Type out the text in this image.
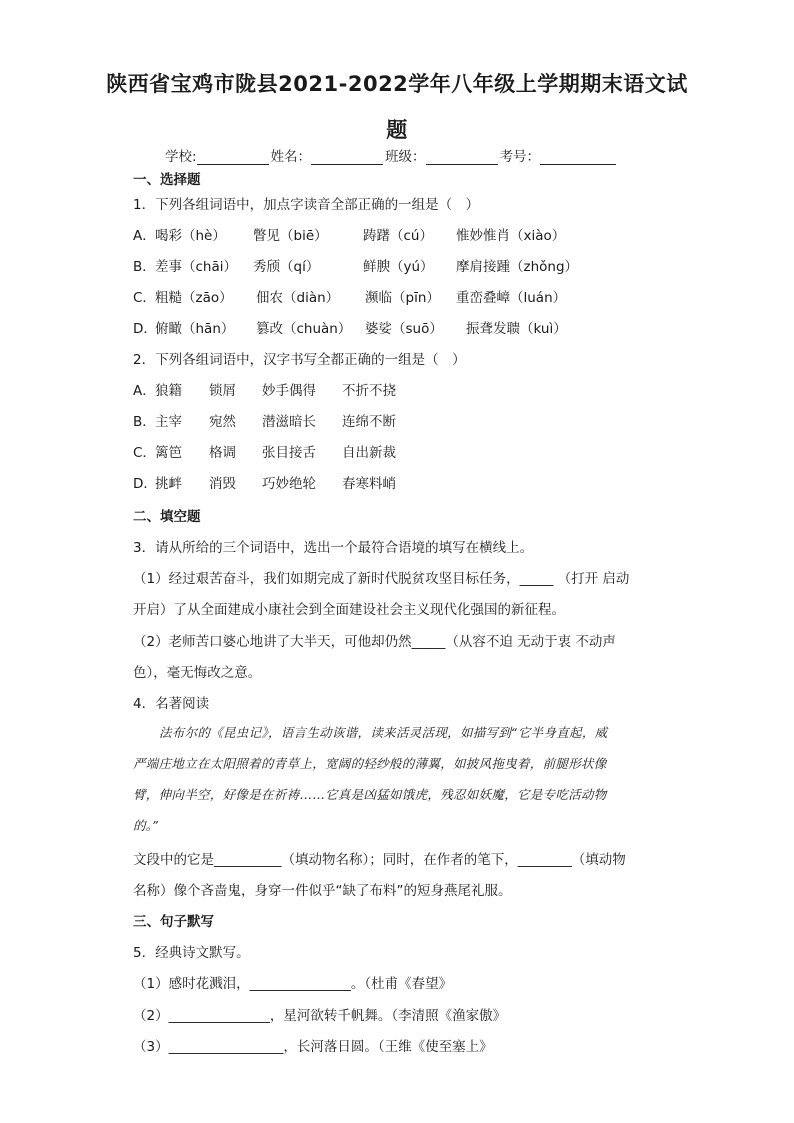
陕西省宝鸡市陇县2021-2022学年八年级上学期期末语文试
题
学校:	姓名：	班级：	考号：
一、选择题
1．下列各组词语中，加点字读音全部正确的一组是（　）
A． 喝彩（hè） 瞥见（biē）	踌躇（cú） 惟妙惟肖（xiào）
B． 差事（chāi） 秀颀（qí）	鲜腴（yú） 摩肩接踵（zhǒng）
C． 粗糙（zāo） 佃农（diàn） 濒临（pīn） 重峦叠嶂（luán）
D．
俯瞰（hān） 篡改（chuàn） 婆娑（suō） 振聋发聩（kuì）
2．下列各组词语中，汉字书写全都正确的一组是（　）
A． 狼籍 锁屑 妙手偶得 不折不挠
B． 主宰 宛然 潜滋暗长 连绵不断
C． 篱笆 格调 张目接舌 自出新裁
D．
挑衅 消毁 巧妙绝轮 春寒料峭
二、填空题
3．请从所给的三个词语中，选出一个最符合语境的填写在横线上。
（1）经过艰苦奋斗，我们如期完成了新时代脱贫攻坚目标任务，_____ （打开 启动
开启）了从全面建成小康社会到全面建设社会主义现代化强国的新征程。
（2）老师苦口婆心地讲了大半天，可他却仍然_____（从容不迫 无动于衷 不动声
色），毫无悔改之意。
4．名著阅读

法布尔的《昆虫记》，语言生动诙谐，读来活灵活现，如描写到“它半身直起，威

严端庄地立在太阳照着的青草上，宽阔的轻纱般的薄翼，如披风拖曳着，前腿形状像
臂，伸向半空，好像是在祈祷……它真是凶猛如饿虎，残忍如妖魔，它是专吃活动物
的。”
文段中的它是__________（填动物名称）；同时，在作者的笔下，________（填动物
名称）像个吝啬鬼，身穿一件似乎“缺了布料”的短身燕尾礼服。
三、句子默写
5．经典诗文默写。
（1）感时花溅泪，_______________。（杜甫《春望》
（2）_______________，星河欲转千帆舞。（李清照《渔家傲》
（3）_________________，长河落日圆。（王维《使至塞上》
